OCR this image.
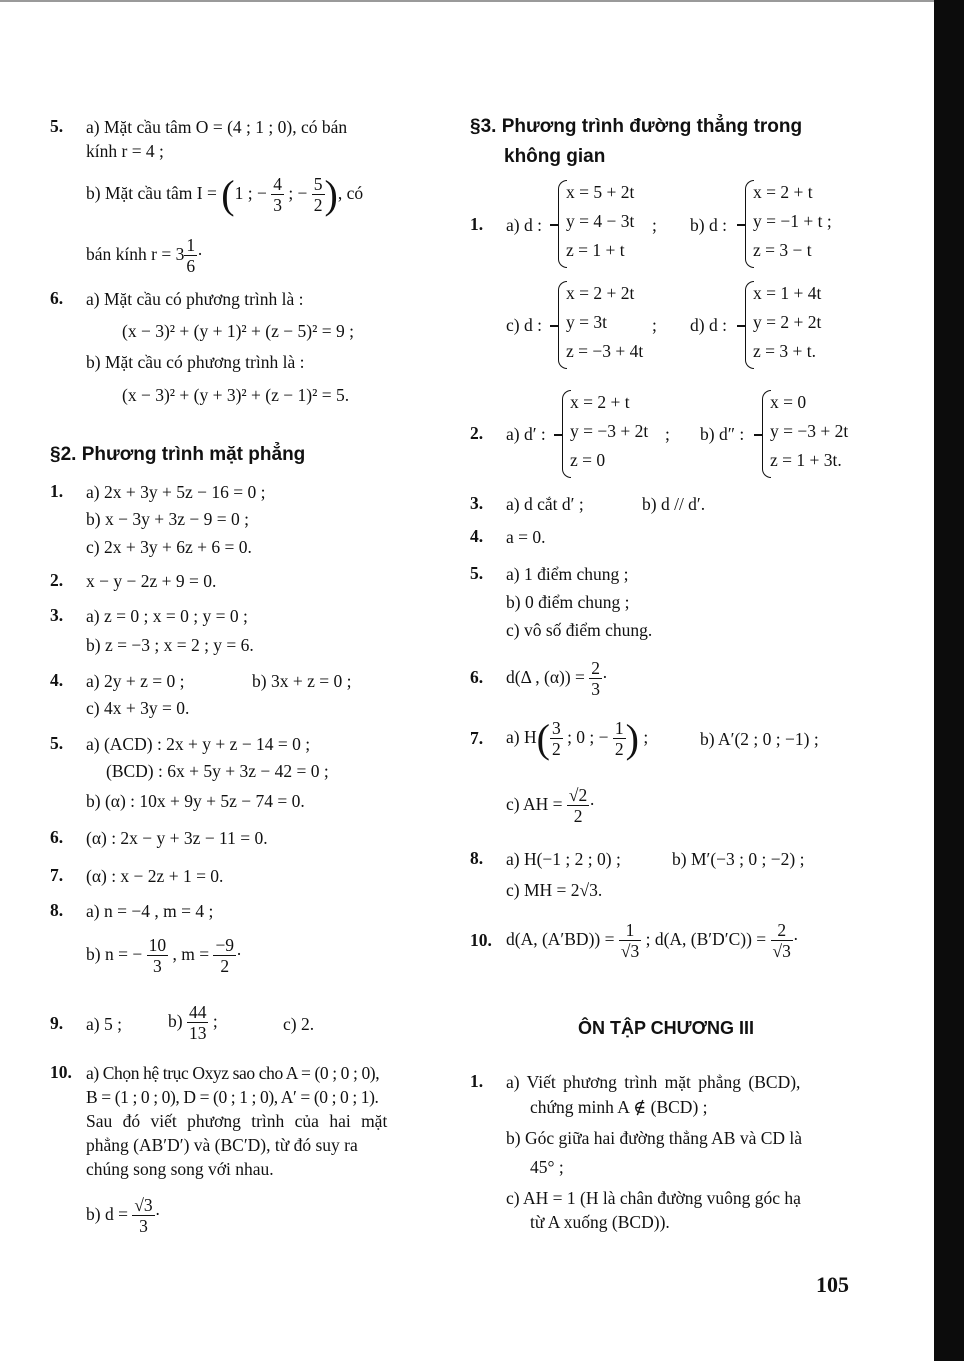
5.	a) Mặt cầu tâm O = (4 ; 1 ; 0), có bán
kính r = 4 ;
b) Mặt cầu tâm I = (1 ; − $\frac{4}{3}$ ; − $\frac{5}{2}$ ), có
bán kính $r = 3 \frac{1}{6}$ ·
6.	a) Mặt cầu có phương trình là :
(x − 3)² + (y + 1)² + (z − 5)² = 9 ;
b) Mặt cầu có phương trình là :
(x − 3)² + (y + 3)² + (z − 1)² = 5.
§2. Phương trình mặt phẳng
1.	a) 2x + 3y + 5z − 16 = 0 ;
b) x − 3y + 3z − 9 = 0 ;
c) 2x + 3y + 6z + 6 = 0.
2.	x − y − 2z + 9 = 0.
3.	a) z = 0 ; x = 0 ; y = 0 ;
b) z = −3 ; x = 2 ; y = 6.
4.	a) 2y + z = 0 ;	b) 3x + z = 0 ;
c) 4x + 3y = 0.
5.	a) (ACD) : 2x + y + z − 14 = 0 ;
(BCD) : 6x + 5y + 3z − 42 = 0 ;
b) (α) : 10x + 9y + 5z − 74 = 0.
6.	(α) : 2x − y + 3z − 11 = 0.
7.	(α) : x − 2z + 1 = 0.
8.	a) n = −4 , m = 4 ;
b) n = − $\frac{10}{3}$ , $m = \frac{-9}{2}$ ·
9.	a) 5 ;	$b) \frac{44}{13}$ ;	c) 2.
10. a) Chọn hệ trục Oxyz sao cho A = (0 ; 0 ; 0),
B = (1 ; 0 ; 0), D = (0 ; 1 ; 0), A′ = (0 ; 0 ; 1).
Sau đó viết phương trình của hai mặt
phẳng (AB′D′) và (BC′D), từ đó suy ra
chúng song song với nhau.
b) $d = \frac{√3}{3}$ ·
§3. Phương trình đường thẳng trong
không gian
1.	a) d :
x = 5 + 2t
y = 4 − 3t
z = 1 + t
; b) d :
x = 2 + t
y = −1 + t ;
z = 3 − t
c) d :
x = 2 + 2t
y = 3t
z = −3 + 4t
; d) d :
x = 1 + 4t
y = 2 + 2t
z = 3 + t.
2.	a) d′ :
x = 2 + t
y = −3 + 2t
z = 0
; b) d″ :
x = 0
y = −3 + 2t
z = 1 + 3t.
3.	a) d cắt d′ ;	b) d // d′.
4.	a = 0.
5.	a) 1 điểm chung ;
b) 0 điểm chung ;
c) vô số điểm chung.
6.	d(Δ , $(\alpha)) = \frac{2}{3}$ ·
7.	a) $H( \frac{3}{2}$ ; 0 ; − $\frac{1}{2}$ ) ;	b) A′(2 ; 0 ; −1) ;
c) AH = $\frac{√2}{2}$ ·
8.	a) H(−1 ; 2 ; 0) ;	b) M′(−3 ; 0 ; −2) ;
c) MH = 2√3.
10. d(A, $(A'BD)) = \frac{1}{√3}$ ; d(A, $(B'D'C)) = \frac{2}{√3}$ ·
ÔN TẬP CHƯƠNG III
1.	a) Viết phương trình mặt phẳng (BCD),
chứng minh A ∉ (BCD) ;
b) Góc giữa hai đường thẳng AB và CD là
45° ;
c) AH = 1 (H là chân đường vuông góc hạ
từ A xuống (BCD)).
105
